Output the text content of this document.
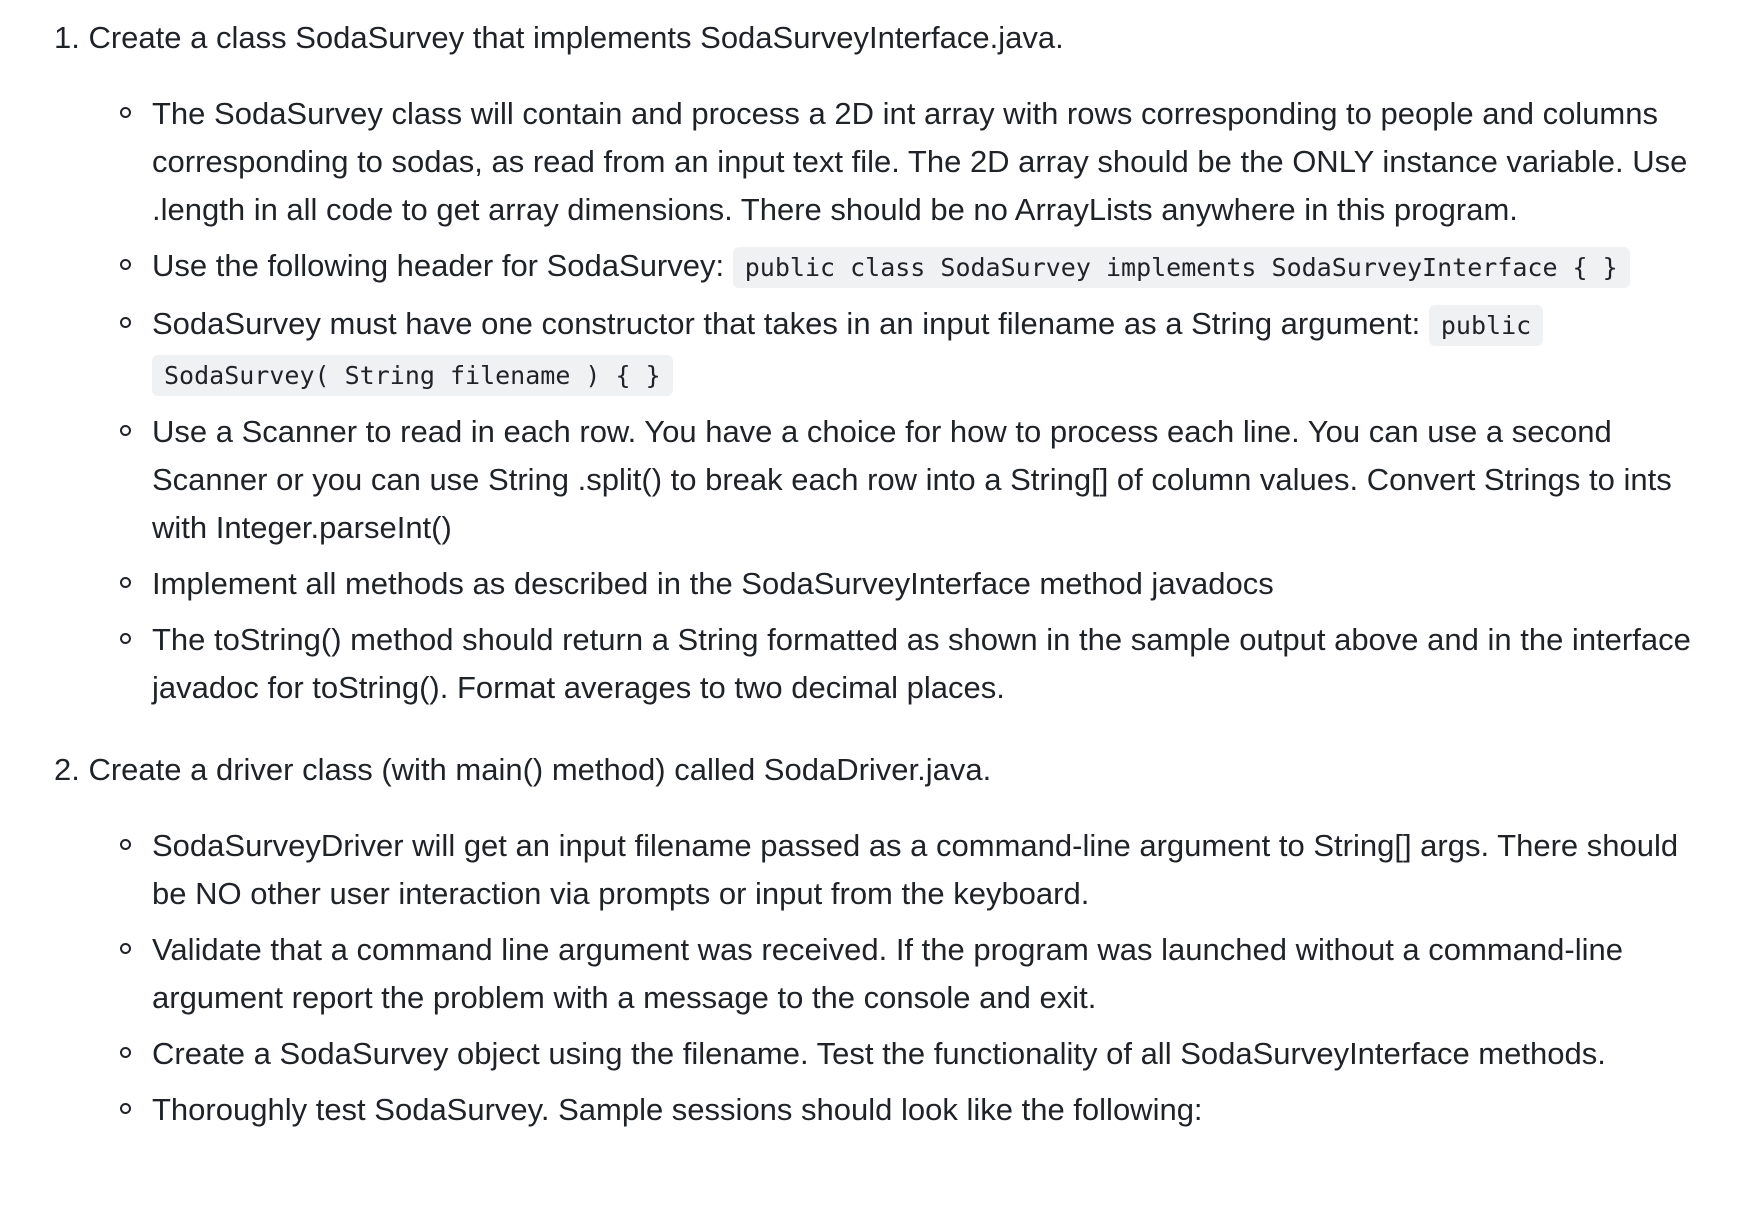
1. Create a class SodaSurvey that implements SodaSurveyInterface.java.
The SodaSurvey class will contain and process a 2D int array with rows corresponding to people and columns corresponding to sodas, as read from an input text file. The 2D array should be the ONLY instance variable. Use .length in all code to get array dimensions. There should be no ArrayLists anywhere in this program.
Use the following header for SodaSurvey: public class SodaSurvey implements SodaSurveyInterface { }
SodaSurvey must have one constructor that takes in an input filename as a String argument: public SodaSurvey( String filename ) { }
Use a Scanner to read in each row. You have a choice for how to process each line. You can use a second Scanner or you can use String .split() to break each row into a String[] of column values. Convert Strings to ints with Integer.parseInt()
Implement all methods as described in the SodaSurveyInterface method javadocs
The toString() method should return a String formatted as shown in the sample output above and in the interface javadoc for toString(). Format averages to two decimal places.
2. Create a driver class (with main() method) called SodaDriver.java.
SodaSurveyDriver will get an input filename passed as a command-line argument to String[] args. There should be NO other user interaction via prompts or input from the keyboard.
Validate that a command line argument was received. If the program was launched without a command-line argument report the problem with a message to the console and exit.
Create a SodaSurvey object using the filename. Test the functionality of all SodaSurveyInterface methods.
Thoroughly test SodaSurvey. Sample sessions should look like the following:
